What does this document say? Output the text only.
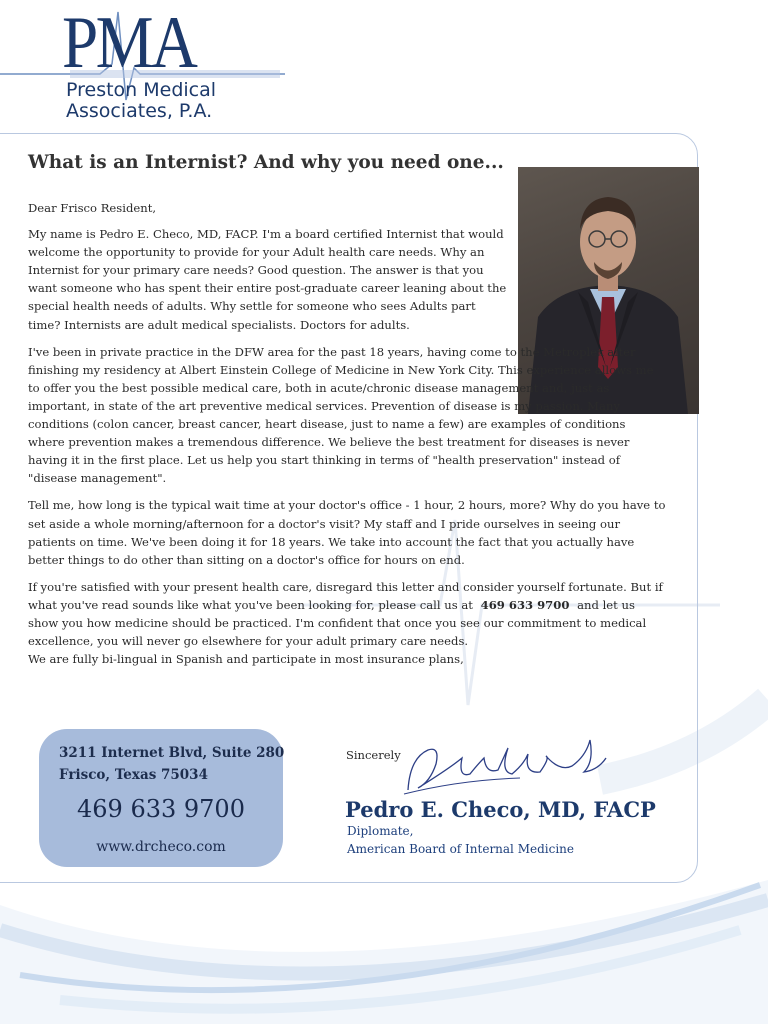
PMA
Preston Medical
Associates, P.A.
What is an Internist? And why you need one...

Dear Frisco Resident,

My name is Pedro E. Checo, MD, FACP. I'm a board certified Internist that would welcome the opportunity to provide for your Adult health care needs. Why an Internist for your primary care needs? Good question. The answer is that you want someone who has spent their entire post-graduate career leaning about the special health needs of adults. Why settle for someone who sees Adults part time? Internists are adult medical specialists. Doctors for adults.

I've been in private practice in the DFW area for the past 18 years, having come to the Metroplex after finishing my residency at Albert Einstein College of Medicine in New York City. This experience allows me to offer you the best possible medical care, both in acute/chronic disease management and, just as important, in state of the art preventive medical services. Prevention of disease is my passion. Many conditions (colon cancer, breast cancer, heart disease, just to name a few) are examples of conditions where prevention makes a tremendous difference. We believe the best treatment for diseases is never having it in the first place. Let us help you start thinking in terms of "health preservation" instead of "disease management".

Tell me, how long is the typical wait time at your doctor's office - 1 hour, 2 hours, more? Why do you have to set aside a whole morning/afternoon for a doctor's visit? My staff and I pride ourselves in seeing our patients on time. We've been doing it for 18 years. We take into account the fact that you actually have better things to do other than sitting on a doctor's office for hours on end.

If you're satisfied with your present health care, disregard this letter and consider yourself fortunate. But if what you've read sounds like what you've been looking for, please call us at 469 633 9700 and let us show you how medicine should be practiced. I'm confident that once you see our commitment to medical excellence, you will never go elsewhere for your adult primary care needs.

We are fully bi-lingual in Spanish and participate in most insurance plans,

3211 Internet Blvd, Suite 280
Frisco, Texas 75034
469 633 9700
www.drcheco.com
Sincerely
Pedro E. Checo, MD, FACP
Diplomate,
American Board of Internal Medicine
